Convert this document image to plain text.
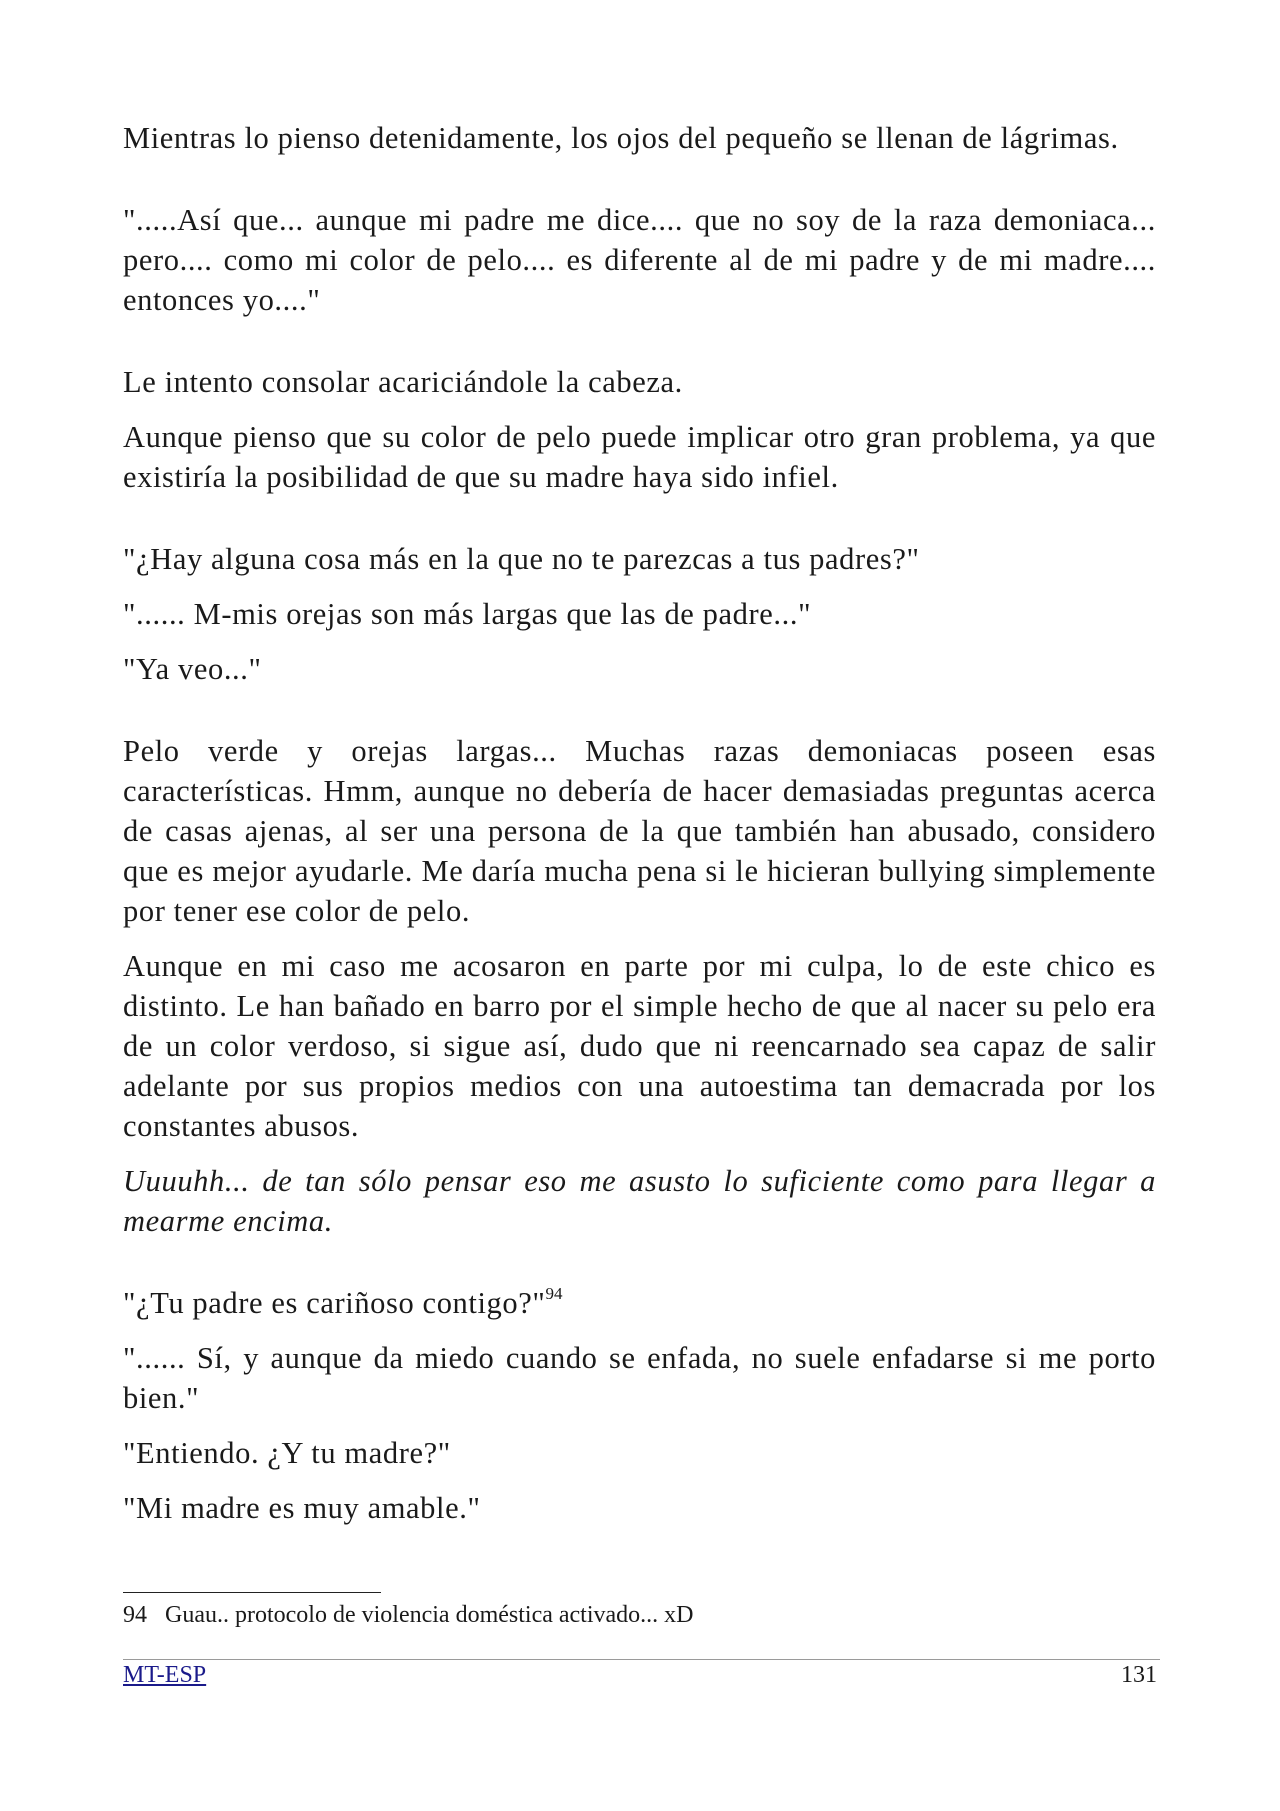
Mientras lo pienso detenidamente, los ojos del pequeño se llenan de lágrimas.

".....Así que... aunque mi padre me dice.... que no soy de la raza demoniaca... pero.... como mi color de pelo.... es diferente al de mi padre y de mi madre.... entonces yo...."

Le intento consolar acariciándole la cabeza.

Aunque pienso que su color de pelo puede implicar otro gran problema, ya que existiría la posibilidad de que su madre haya sido infiel.

"¿Hay alguna cosa más en la que no te parezcas a tus padres?"

"...... M-mis orejas son más largas que las de padre..."

"Ya veo..."

Pelo verde y orejas largas... Muchas razas demoniacas poseen esas características. Hmm, aunque no debería de hacer demasiadas preguntas acerca de casas ajenas, al ser una persona de la que también han abusado, considero que es mejor ayudarle. Me daría mucha pena si le hicieran bullying simplemente por tener ese color de pelo.

Aunque en mi caso me acosaron en parte por mi culpa, lo de este chico es distinto. Le han bañado en barro por el simple hecho de que al nacer su pelo era de un color verdoso, si sigue así, dudo que ni reencarnado sea capaz de salir adelante por sus propios medios con una autoestima tan demacrada por los constantes abusos.

Uuuuhh... de tan sólo pensar eso me asusto lo suficiente como para llegar a mearme encima.

"¿Tu padre es cariñoso contigo?"$^{94}$

"...... Sí, y aunque da miedo cuando se enfada, no suele enfadarse si me porto bien."

"Entiendo. ¿Y tu madre?"

"Mi madre es muy amable."

94 Guau.. protocolo de violencia doméstica activado... xD
MT-ESP	131
